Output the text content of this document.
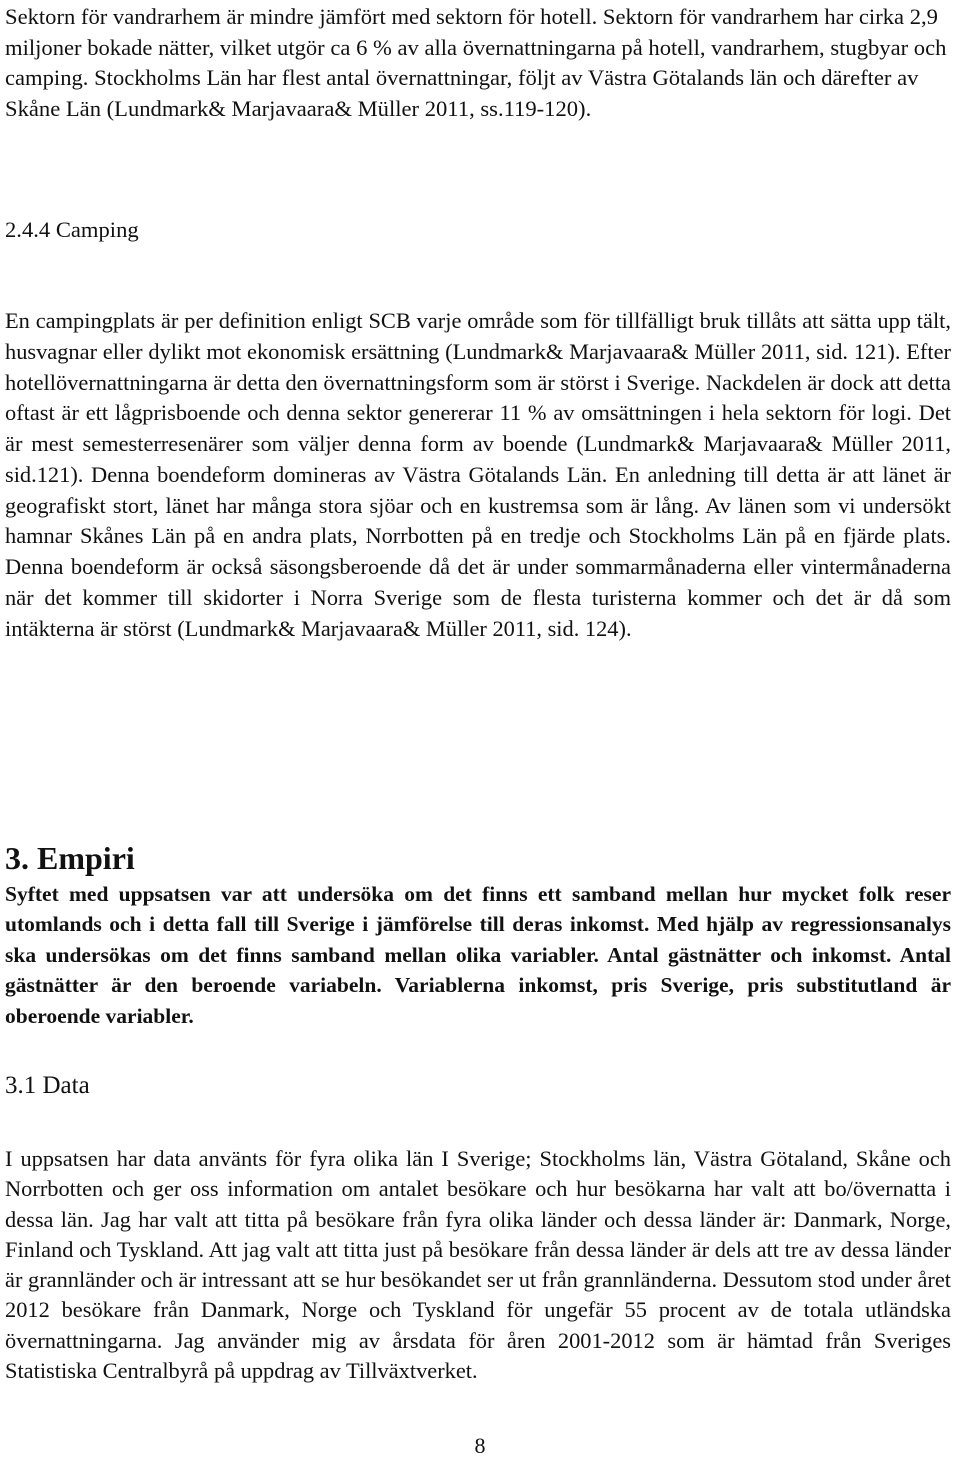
Sektorn för vandrarhem är mindre jämfört med sektorn för hotell. Sektorn för vandrarhem har cirka 2,9 miljoner bokade nätter, vilket utgör ca 6 % av alla övernattningarna på hotell, vandrarhem, stugbyar och camping. Stockholms Län har flest antal övernattningar, följt av Västra Götalands län och därefter av Skåne Län (Lundmark& Marjavaara& Müller 2011, ss.119-120).

2.4.4 Camping

En campingplats är per definition enligt SCB varje område som för tillfälligt bruk tillåts att sätta upp tält, husvagnar eller dylikt mot ekonomisk ersättning (Lundmark& Marjavaara& Müller 2011, sid. 121). Efter hotellövernattningarna är detta den övernattningsform som är störst i Sverige. Nackdelen är dock att detta oftast är ett lågprisboende och denna sektor genererar 11 % av omsättningen i hela sektorn för logi. Det är mest semesterresenärer som väljer denna form av boende (Lundmark& Marjavaara& Müller 2011, sid.121). Denna boendeform domineras av Västra Götalands Län. En anledning till detta är att länet är geografiskt stort, länet har många stora sjöar och en kustremsa som är lång. Av länen som vi undersökt hamnar Skånes Län på en andra plats, Norrbotten på en tredje och Stockholms Län på en fjärde plats. Denna boendeform är också säsongsberoende då det är under sommarmånaderna eller vintermånaderna när det kommer till skidorter i Norra Sverige som de flesta turisterna kommer och det är då som intäkterna är störst (Lundmark& Marjavaara& Müller 2011, sid. 124).

3. Empiri

Syftet med uppsatsen var att undersöka om det finns ett samband mellan hur mycket folk reser utomlands och i detta fall till Sverige i jämförelse till deras inkomst. Med hjälp av regressionsanalys ska undersökas om det finns samband mellan olika variabler. Antal gästnätter och inkomst. Antal gästnätter är den beroende variabeln. Variablerna inkomst, pris Sverige, pris substitutland är oberoende variabler.

3.1 Data

I uppsatsen har data använts för fyra olika län I Sverige; Stockholms län, Västra Götaland, Skåne och Norrbotten och ger oss information om antalet besökare och hur besökarna har valt att bo/övernatta i dessa län. Jag har valt att titta på besökare från fyra olika länder och dessa länder är: Danmark, Norge, Finland och Tyskland. Att jag valt att titta just på besökare från dessa länder är dels att tre av dessa länder är grannländer och är intressant att se hur besökandet ser ut från grannländerna. Dessutom stod under året 2012 besökare från Danmark, Norge och Tyskland för ungefär 55 procent av de totala utländska övernattningarna. Jag använder mig av årsdata för åren 2001-2012 som är hämtad från Sveriges Statistiska Centralbyrå på uppdrag av Tillväxtverket.

8
